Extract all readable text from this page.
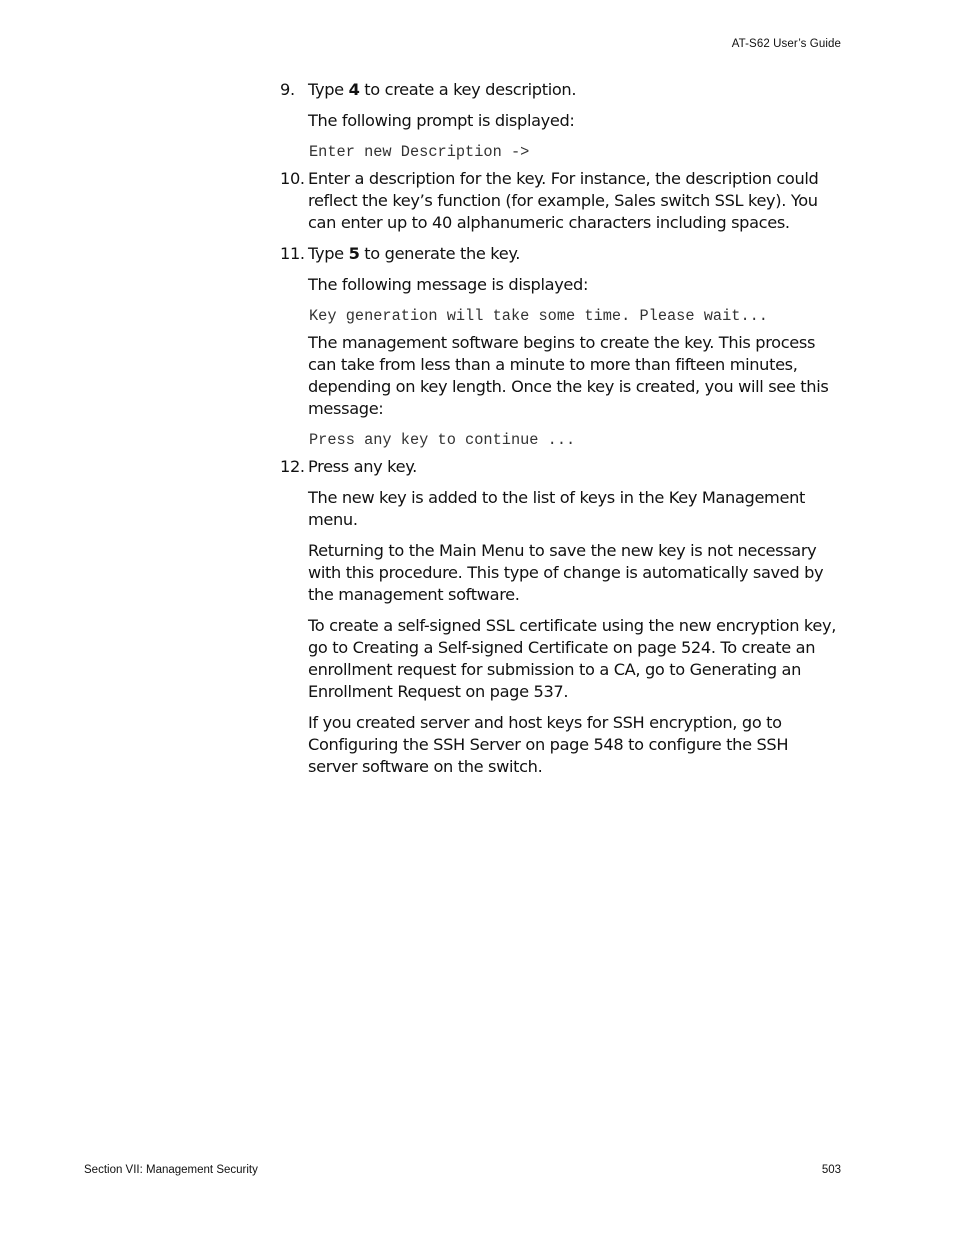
AT-S62 User’s Guide
9. Type 4 to create a key description.

The following prompt is displayed:

Enter new Description ->
10. Enter a description for the key. For instance, the description could reflect the key’s function (for example, Sales switch SSL key). You can enter up to 40 alphanumeric characters including spaces.
11. Type 5 to generate the key.

The following message is displayed:

Key generation will take some time. Please wait...

The management software begins to create the key. This process can take from less than a minute to more than fifteen minutes, depending on key length. Once the key is created, you will see this message:

Press any key to continue ...
12. Press any key.

The new key is added to the list of keys in the Key Management menu.

Returning to the Main Menu to save the new key is not necessary with this procedure. This type of change is automatically saved by the management software.

To create a self-signed SSL certificate using the new encryption key, go to Creating a Self-signed Certificate on page 524. To create an enrollment request for submission to a CA, go to Generating an Enrollment Request on page 537.

If you created server and host keys for SSH encryption, go to Configuring the SSH Server on page 548 to configure the SSH server software on the switch.

Section VII: Management Security	503
